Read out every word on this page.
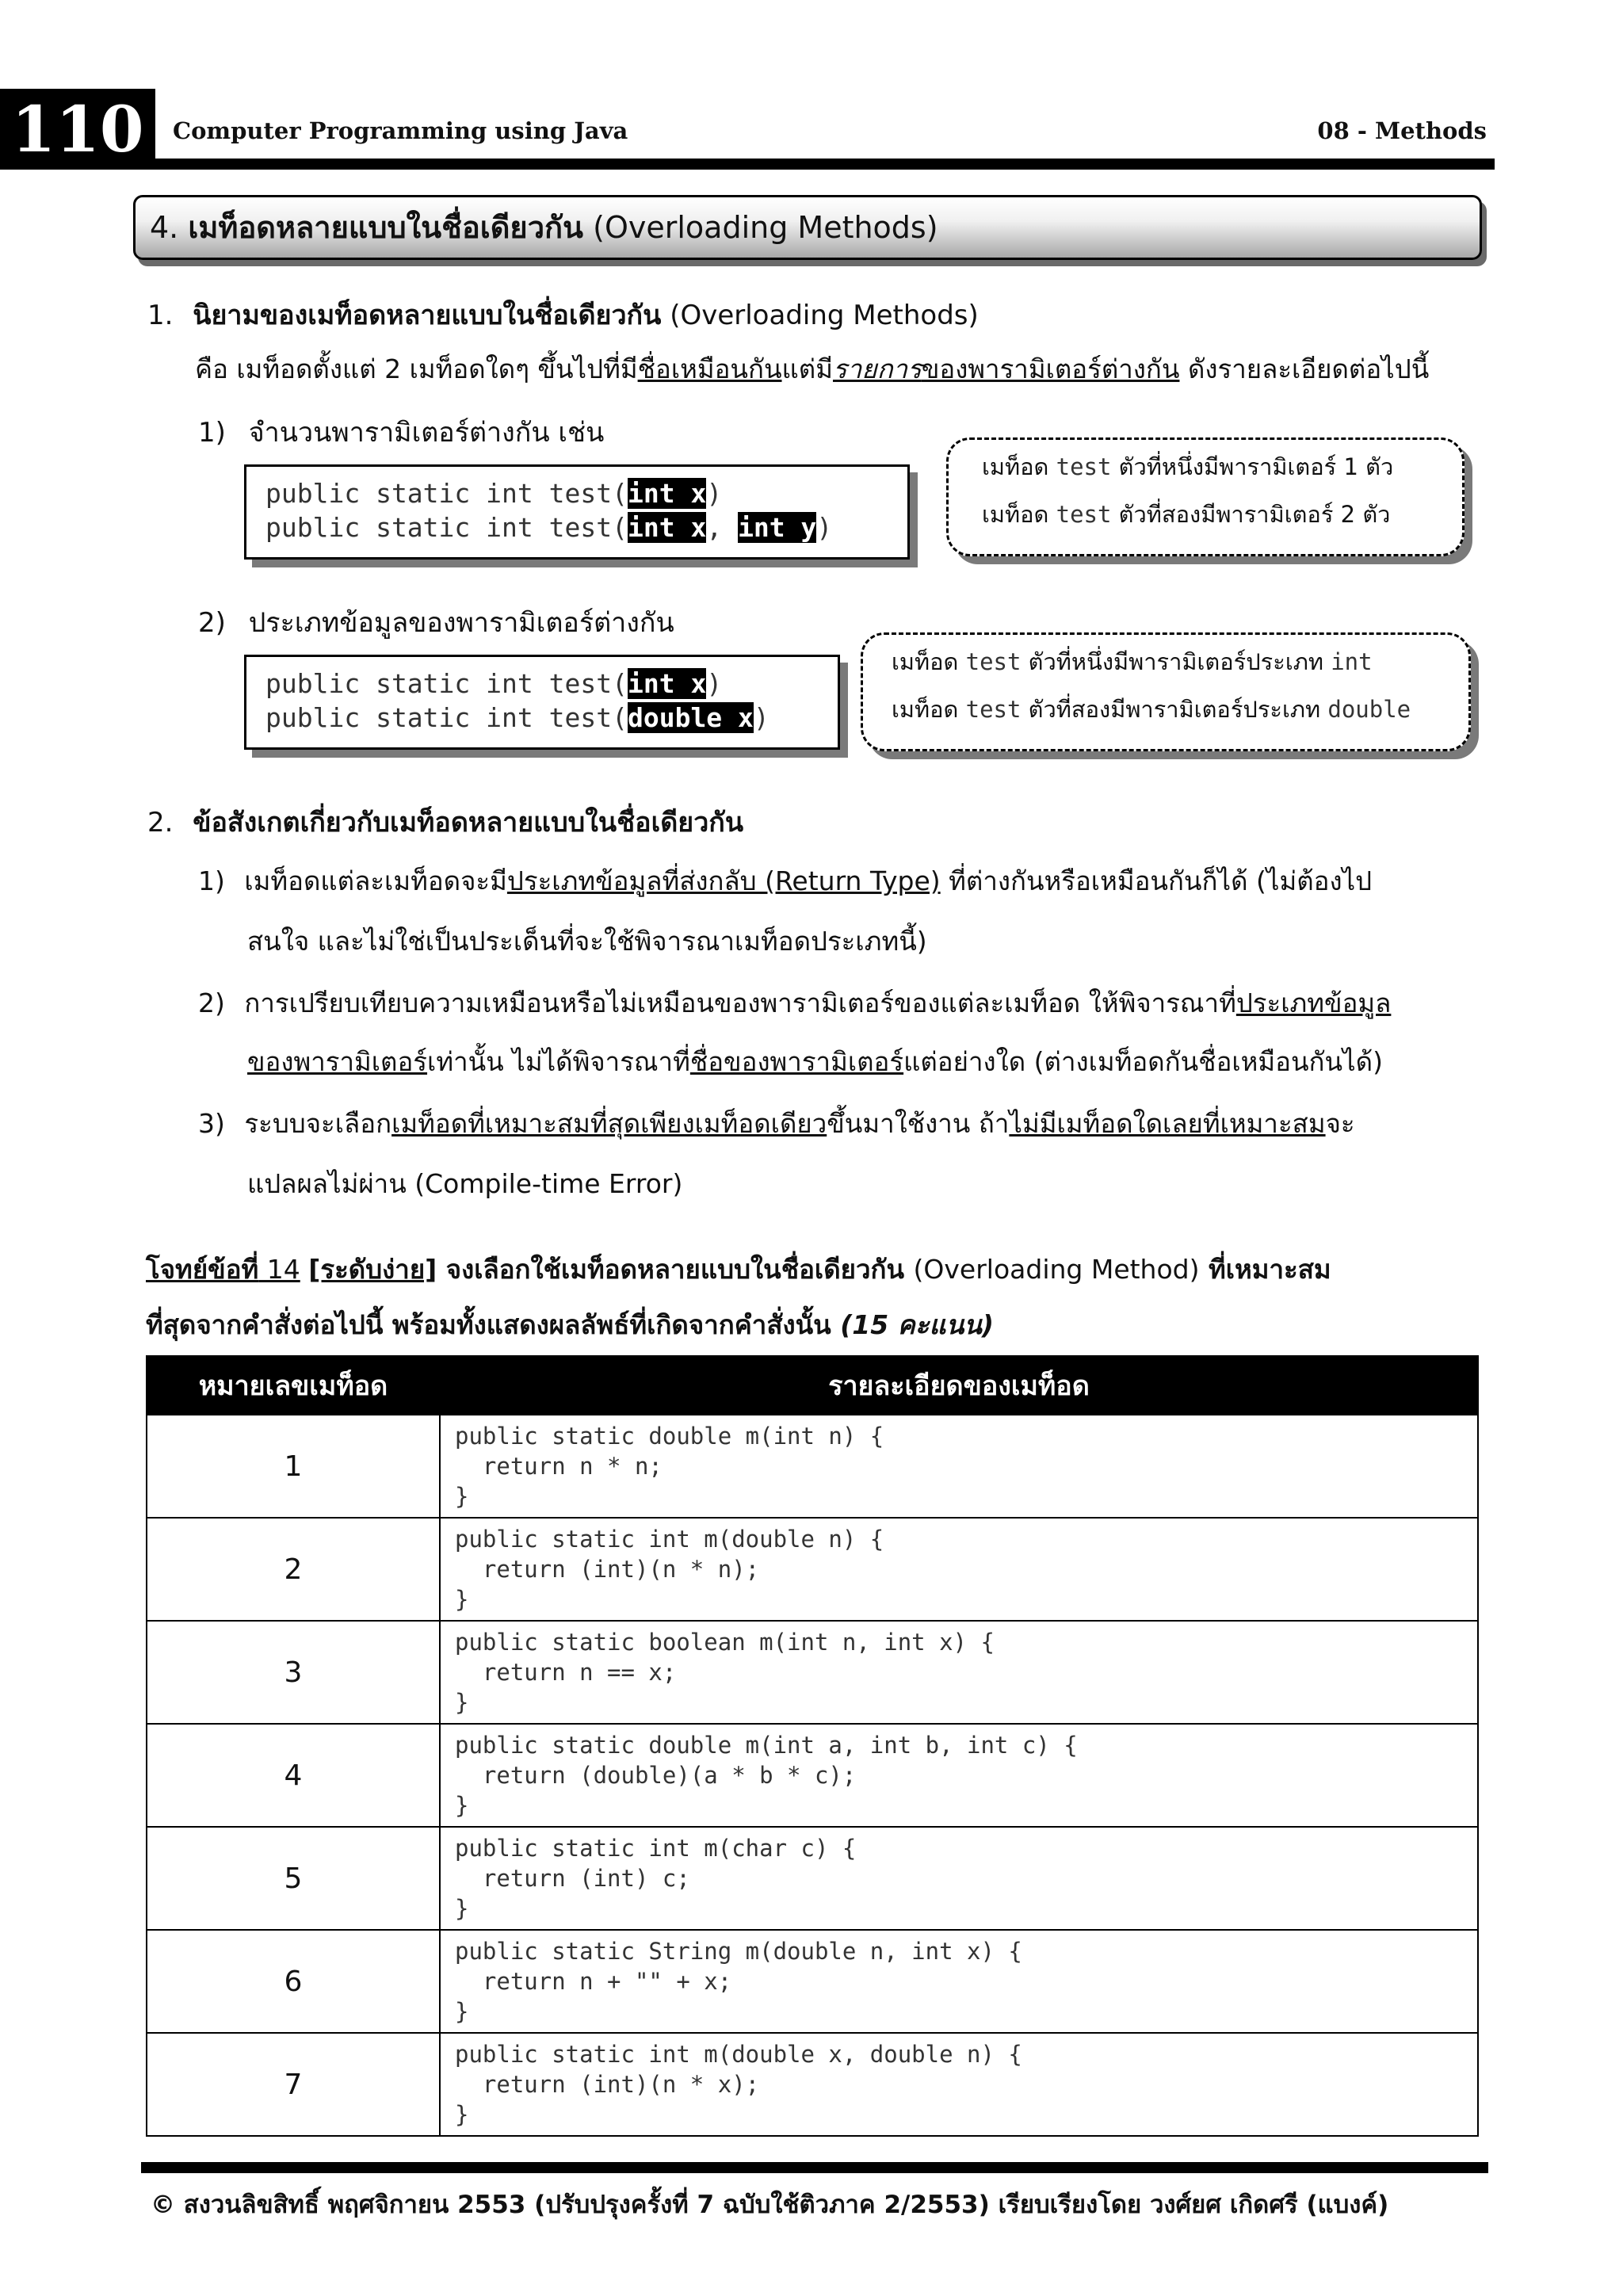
110	Computer Programming using Java	08 - Methods
4. เมท็อดหลายแบบในชื่อเดียวกัน (Overloading Methods)
1. นิยามของเมท็อดหลายแบบในชื่อเดียวกัน (Overloading Methods)
คือ เมท็อดตั้งแต่ 2 เมท็อดใดๆ ขึ้นไปที่มีชื่อเหมือนกันแต่มีรายการของพารามิเตอร์ต่างกัน ดังรายละเอียดต่อไปนี้
1) จำนวนพารามิเตอร์ต่างกัน เช่น
public static int test(int x)
public static int test(int x, int y)
เมท็อด test ตัวที่หนึ่งมีพารามิเตอร์ 1 ตัว
เมท็อด test ตัวที่สองมีพารามิเตอร์ 2 ตัว
2) ประเภทข้อมูลของพารามิเตอร์ต่างกัน
public static int test(int x)
public static int test(double x)
เมท็อด test ตัวที่หนึ่งมีพารามิเตอร์ประเภท int
เมท็อด test ตัวที่สองมีพารามิเตอร์ประเภท double
2. ข้อสังเกตเกี่ยวกับเมท็อดหลายแบบในชื่อเดียวกัน
1) เมท็อดแต่ละเมท็อดจะมีประเภทข้อมูลที่ส่งกลับ (Return Type) ที่ต่างกันหรือเหมือนกันก็ได้ (ไม่ต้องไป
สนใจ และไม่ใช่เป็นประเด็นที่จะใช้พิจารณาเมท็อดประเภทนี้)
2) การเปรียบเทียบความเหมือนหรือไม่เหมือนของพารามิเตอร์ของแต่ละเมท็อด ให้พิจารณาที่ประเภทข้อมูล
ของพารามิเตอร์เท่านั้น ไม่ได้พิจารณาที่ชื่อของพารามิเตอร์แต่อย่างใด (ต่างเมท็อดกันชื่อเหมือนกันได้)
3) ระบบจะเลือกเมท็อดที่เหมาะสมที่สุดเพียงเมท็อดเดียวขึ้นมาใช้งาน ถ้าไม่มีเมท็อดใดเลยที่เหมาะสมจะ
แปลผลไม่ผ่าน (Compile-time Error)
โจทย์ข้อที่ 14 [ระดับง่าย] จงเลือกใช้เมท็อดหลายแบบในชื่อเดียวกัน (Overloading Method) ที่เหมาะสม
ที่สุดจากคำสั่งต่อไปนี้ พร้อมทั้งแสดงผลลัพธ์ที่เกิดจากคำสั่งนั้น (15 คะแนน)
หมายเลขเมท็อด	รายละเอียดของเมท็อด
1	public static double m(int n) {
return n * n;
}

2	public static int m(double n) {
return (int)(n * n);
}

3	public static boolean m(int n, int x) {
return n == x;
}

4	public static double m(int a, int b, int c) {
return (double)(a * b * c);
}

5	public static int m(char c) {
return (int) c;
}

6	public static String m(double n, int x) {
return n + "" + x;
}

7	public static int m(double x, double n) {
return (int)(n * x);
}
© สงวนลิขสิทธิ์ พฤศจิกายน 2553 (ปรับปรุงครั้งที่ 7 ฉบับใช้ติวภาค 2/2553) เรียบเรียงโดย วงศ์ยศ เกิดศรี (แบงค์)
